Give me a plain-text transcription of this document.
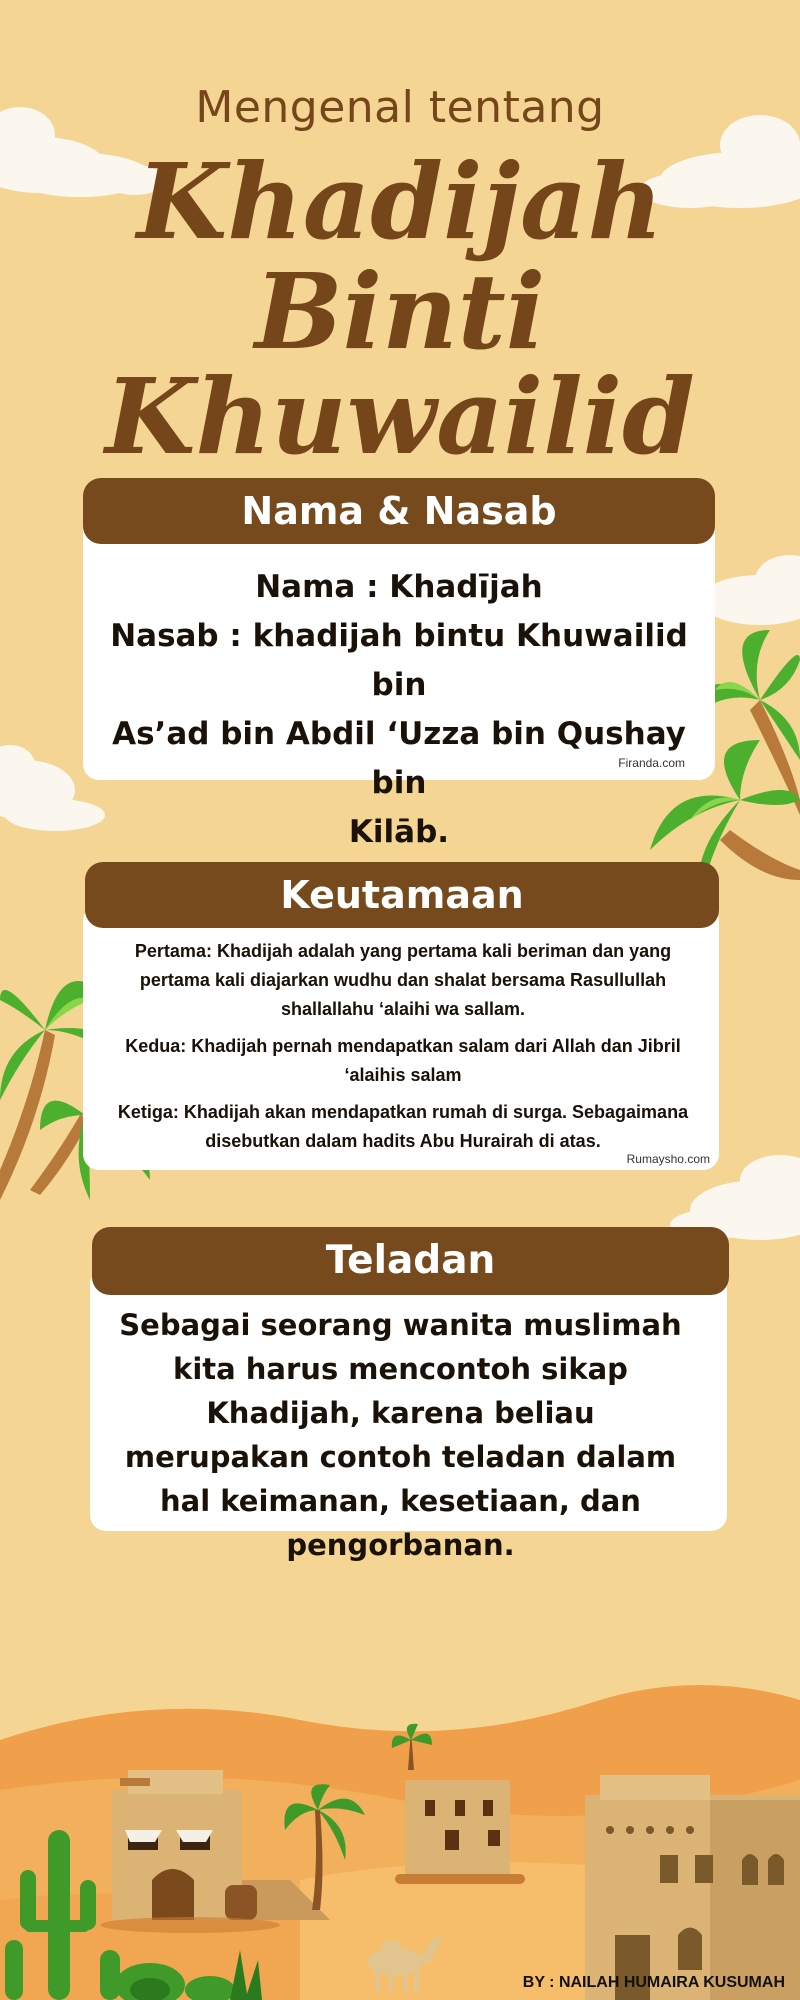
Mengenal tentang
Khadijah
Binti
Khuwailid
Nama & Nasab
Nama : Khadījah
Nasab : khadijah bintu Khuwailid bin
As’ad bin Abdil ‘Uzza bin Qushay bin
Kilāb.
Firanda.com
Keutamaan
Pertama: Khadijah adalah yang pertama kali beriman dan yang pertama kali diajarkan wudhu dan shalat bersama Rasullullah shallallahu ‘alaihi wa sallam.
Kedua: Khadijah pernah mendapatkan salam dari Allah dan Jibril ‘alaihis salam
Ketiga: Khadijah akan mendapatkan rumah di surga. Sebagaimana disebutkan dalam hadits Abu Hurairah di atas.
Rumaysho.com
Teladan
Sebagai seorang wanita muslimah kita harus mencontoh sikap Khadijah, karena beliau merupakan contoh teladan dalam hal keimanan, kesetiaan, dan pengorbanan.
BY : NAILAH HUMAIRA KUSUMAH
